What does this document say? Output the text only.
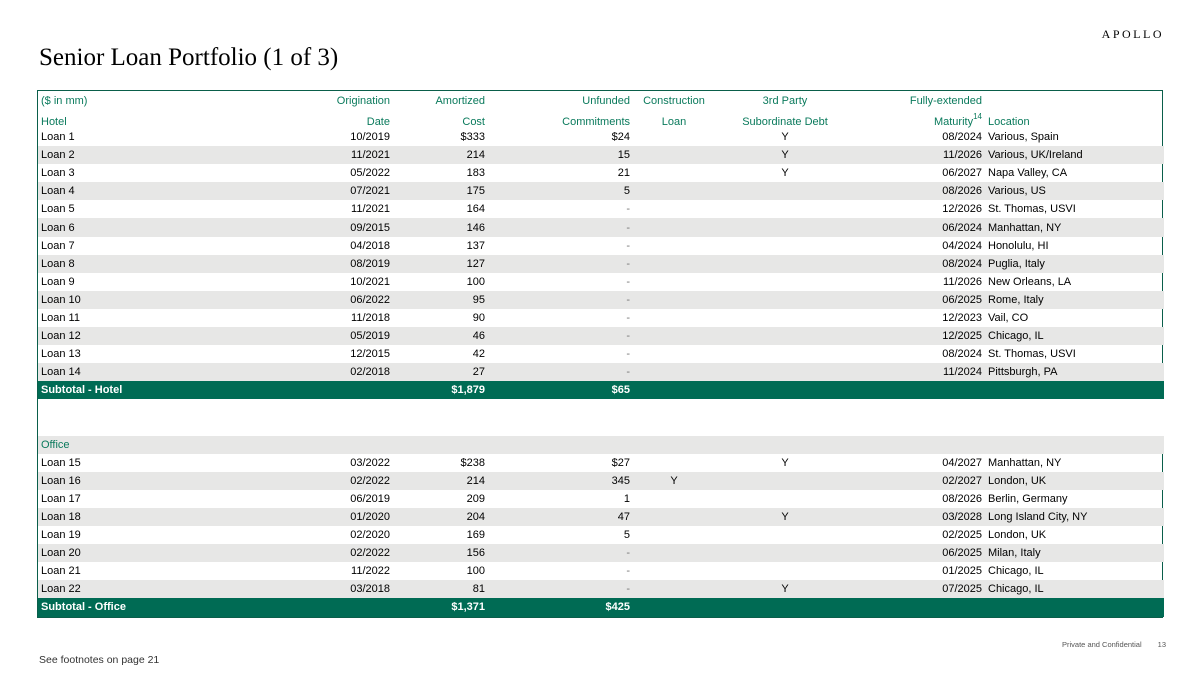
APOLLO
Senior Loan Portfolio (1 of 3)
($ in mm)	Origination	Amortized	Unfunded	Construction	3rd Party	Fully-extended	
Hotel	Date	Cost	Commitments	Loan	Subordinate Debt	Maturity$^{14}$	Location
Loan 1	10/2019	$333	$24		Y	08/2024	Various, Spain
Loan 2	11/2021	214	15		Y	11/2026	Various, UK/Ireland
Loan 3	05/2022	183	21		Y	06/2027	Napa Valley, CA
Loan 4	07/2021	175	5			08/2026	Various, US
Loan 5	11/2021	164	-			12/2026	St. Thomas, USVI
Loan 6	09/2015	146	-			06/2024	Manhattan, NY
Loan 7	04/2018	137	-			04/2024	Honolulu, HI
Loan 8	08/2019	127	-			08/2024	Puglia, Italy
Loan 9	10/2021	100	-			11/2026	New Orleans, LA
Loan 10	06/2022	95	-			06/2025	Rome, Italy
Loan 11	11/2018	90	-			12/2023	Vail, CO
Loan 12	05/2019	46	-			12/2025	Chicago, IL
Loan 13	12/2015	42	-			08/2024	St. Thomas, USVI
Loan 14	02/2018	27	-			11/2024	Pittsburgh, PA
Subtotal - Hotel		$1,879	$65				

Office							
Loan 15	03/2022	$238	$27		Y	04/2027	Manhattan, NY
Loan 16	02/2022	214	345	Y		02/2027	London, UK
Loan 17	06/2019	209	1			08/2026	Berlin, Germany
Loan 18	01/2020	204	47		Y	03/2028	Long Island City, NY
Loan 19	02/2020	169	5			02/2025	London, UK
Loan 20	02/2022	156	-			06/2025	Milan, Italy
Loan 21	11/2022	100	-			01/2025	Chicago, IL
Loan 22	03/2018	81	-		Y	07/2025	Chicago, IL
Subtotal - Office		$1,371	$425				
Private and Confidential 13
See footnotes on page 21
